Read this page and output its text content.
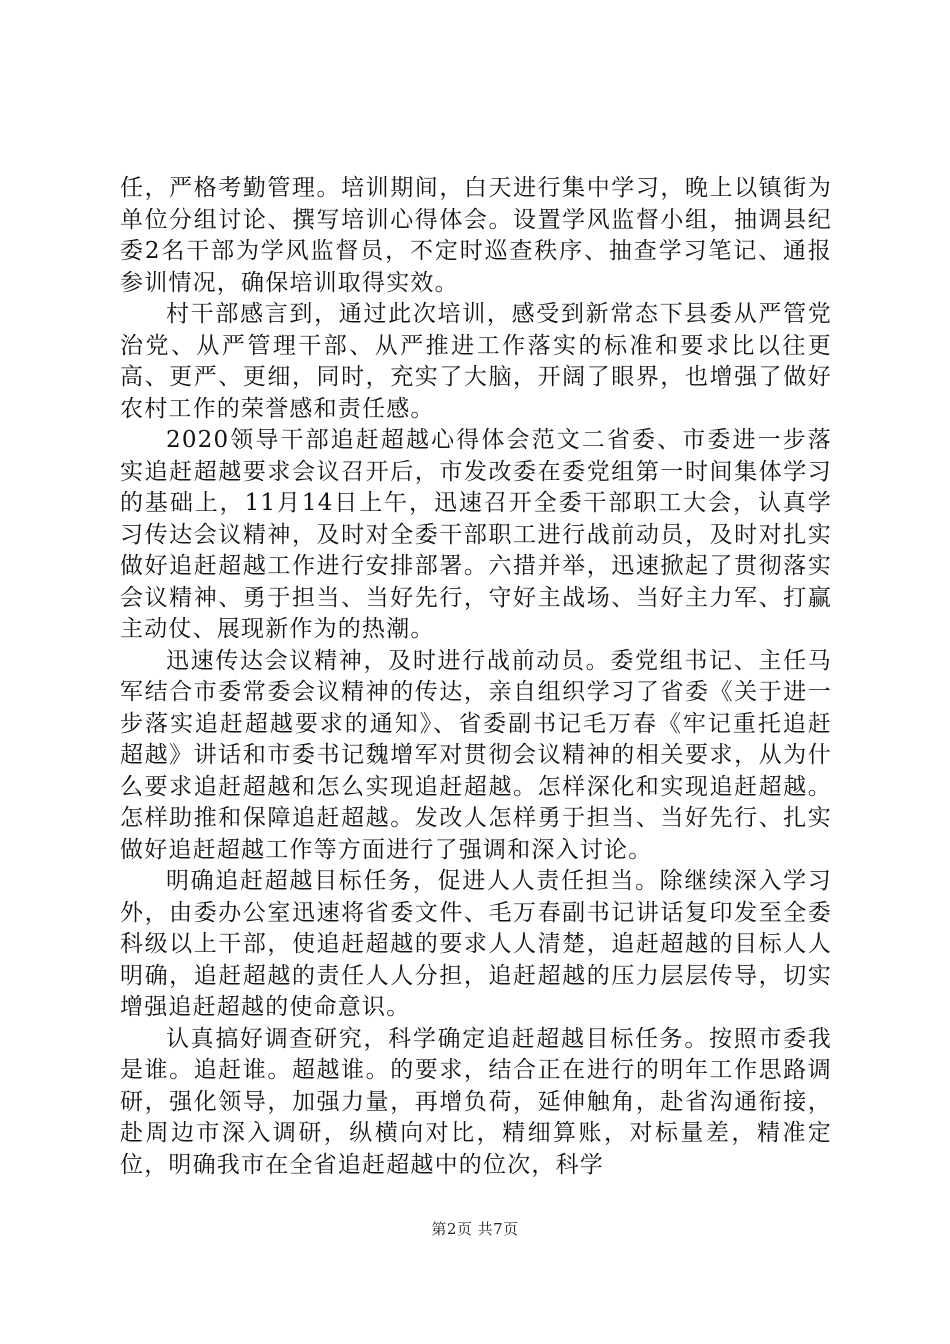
任，严格考勤管理。培训期间，白天进行集中学习，晚上以镇街为单位分组讨论、撰写培训心得体会。设置学风监督小组，抽调县纪委2名干部为学风监督员，不定时巡查秩序、抽查学习笔记、通报参训情况，确保培训取得实效。

村干部感言到，通过此次培训，感受到新常态下县委从严管党治党、从严管理干部、从严推进工作落实的标准和要求比以往更高、更严、更细，同时，充实了大脑，开阔了眼界，也增强了做好农村工作的荣誉感和责任感。

2020领导干部追赶超越心得体会范文二省委、市委进一步落实追赶超越要求会议召开后，市发改委在委党组第一时间集体学习的基础上，11月14日上午，迅速召开全委干部职工大会，认真学习传达会议精神，及时对全委干部职工进行战前动员，及时对扎实做好追赶超越工作进行安排部署。六措并举，迅速掀起了贯彻落实会议精神、勇于担当、当好先行，守好主战场、当好主力军、打赢主动仗、展现新作为的热潮。

迅速传达会议精神，及时进行战前动员。委党组书记、主任马军结合市委常委会议精神的传达，亲自组织学习了省委《关于进一步落实追赶超越要求的通知》、省委副书记毛万春《牢记重托追赶超越》讲话和市委书记魏增军对贯彻会议精神的相关要求，从为什么要求追赶超越和怎么实现追赶超越。怎样深化和实现追赶超越。怎样助推和保障追赶超越。发改人怎样勇于担当、当好先行、扎实做好追赶超越工作等方面进行了强调和深入讨论。

明确追赶超越目标任务，促进人人责任担当。除继续深入学习外，由委办公室迅速将省委文件、毛万春副书记讲话复印发至全委科级以上干部，使追赶超越的要求人人清楚，追赶超越的目标人人明确，追赶超越的责任人人分担，追赶超越的压力层层传导，切实增强追赶超越的使命意识。

认真搞好调查研究，科学确定追赶超越目标任务。按照市委我是谁。追赶谁。超越谁。的要求，结合正在进行的明年工作思路调研，强化领导，加强力量，再增负荷，延伸触角，赴省沟通衔接，赴周边市深入调研，纵横向对比，精细算账，对标量差，精准定位，明确我市在全省追赶超越中的位次，科学

第2页 共7页
